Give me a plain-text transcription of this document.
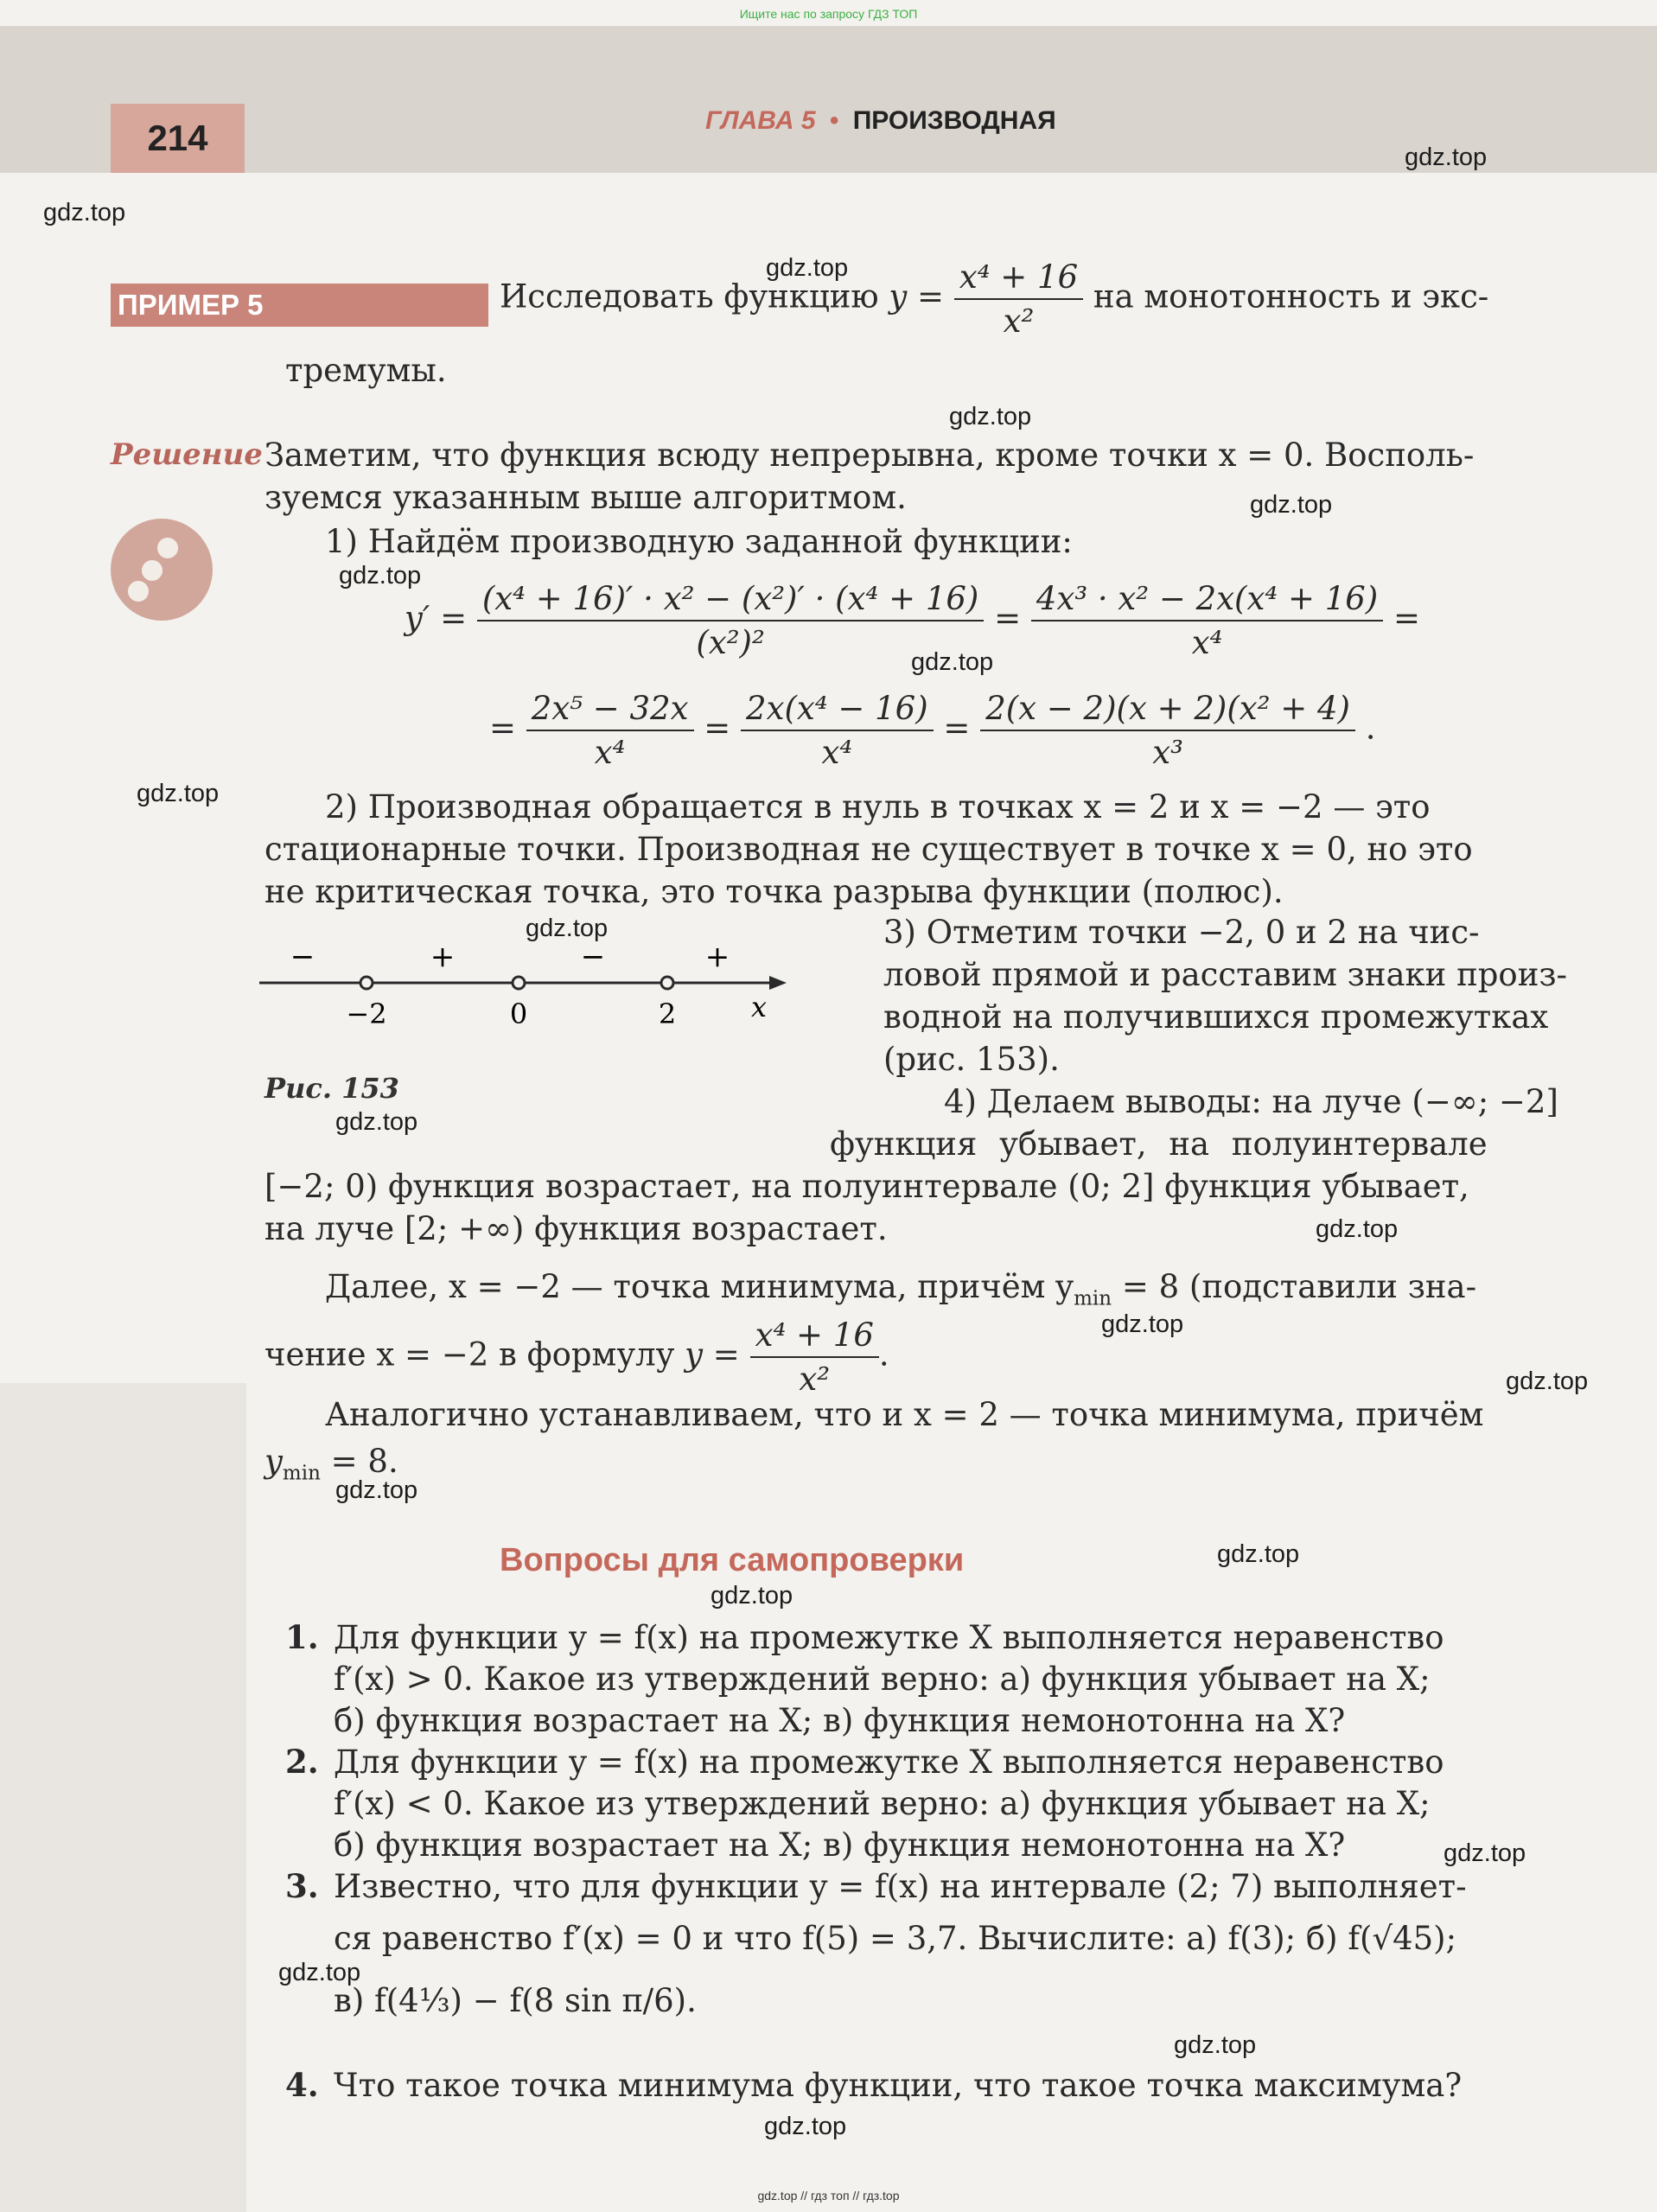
Ищите нас по запросу ГДЗ ТОП
214	ГЛАВА 5 • ПРОИЗВОДНАЯ
ПРИМЕР 5	Исследовать функцию $y = \frac{\text{x⁴ + 16}}{\text{x²}}$ на монотонность и экс-
тремумы.
Решение Заметим, что функция всюду непрерывна, кроме точки x = 0. Восполь-
зуемся указанным выше алгоритмом.
1) Найдём производную заданной функции:
$y' = \frac{\text{(x⁴ + 16)′ · x² − (x²)′ · (x⁴ + 16)}}{\text{(x²)²}} = \frac{\text{4x³ · x² − 2x(x⁴ + 16)}}{\text{x⁴}}$ =
= $\frac{\text{2x⁵ − 32x}}{\text{x⁴}} = \frac{\text{2x(x⁴ − 16)}}{\text{x⁴}} = \frac{\text{2(x − 2)(x + 2)(x² + 4)}}{\text{x³}}$ .
2) Производная обращается в нуль в точках x = 2 и x = −2 — это
стационарные точки. Производная не существует в точке x = 0, но это
не критическая точка, это точка разрыва функции (полюс).
−	+	−	+
−2	0	2	x
Рис. 153
3) Отметим точки −2, 0 и 2 на чис-
ловой прямой и расставим знаки произ-
водной на получившихся промежутках
(рис. 153).
4) Делаем выводы: на луче (−∞; −2]
функция убывает, на полуинтервале
[−2; 0) функция возрастает, на полуинтервале (0; 2] функция убывает,
на луче [2; +∞) функция возрастает.
Далее, x = −2 — точка минимума, причём $y_{min} = 8$ (подставили зна-
чение x = −2 в формулу $y = \frac{\text{x⁴ + 16}}{\text{x²}}$ .
Аналогично устанавливаем, что и x = 2 — точка минимума, причём
$y_{min} = 8$.
Вопросы для самопроверки
1. Для функции y = f(x) на промежутке X выполняется неравенство
f′(x) > 0. Какое из утверждений верно: а) функция убывает на X;
б) функция возрастает на X; в) функция немонотонна на X?
2. Для функции y = f(x) на промежутке X выполняется неравенство
f′(x) < 0. Какое из утверждений верно: а) функция убывает на X;
б) функция возрастает на X; в) функция немонотонна на X?
3. Известно, что для функции y = f(x) на интервале (2; 7) выполняет-
ся равенство f′(x) = 0 и что f(5) = 3,7. Вычислите: а) f(3); б) f(√45);
в) f(4⅓) − f(8 sin π/6).
4. Что такое точка минимума функции, что такое точка максимума?
gdz.top
gdz.top
gdz.top
gdz.top
gdz.top
gdz.top
gdz.top
gdz.top
gdz.top
gdz.top
gdz.top
gdz.top
gdz.top
gdz.top
gdz.top
gdz.top
gdz.top
gdz.top
gdz.top
gdz.top
gdz.top // гдз топ // гдз.top
